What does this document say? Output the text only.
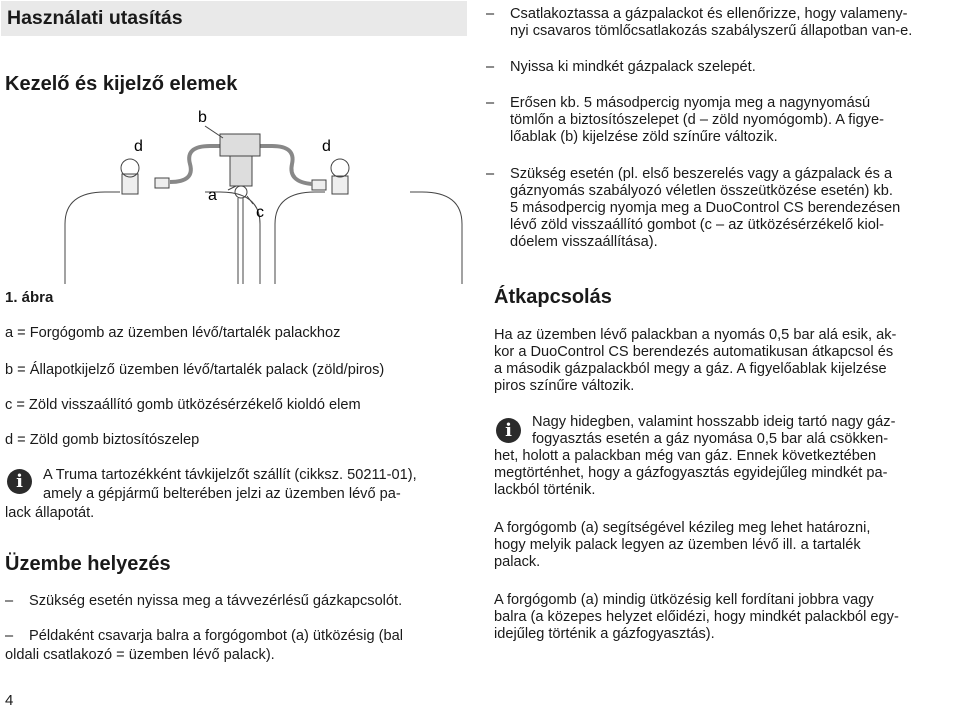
Használati utasítás
Kezelő és kijelző elemek
b
d	d
a
c
1. ábra
a = Forgógomb az üzemben lévő/tartalék palackhoz
b = Állapotkijelző üzemben lévő/tartalék palack (zöld/piros)
c = Zöld visszaállító gomb ütközésérzékelő kioldó elem
d = Zöld gomb biztosítószelep
i	A Truma tartozékként távkijelzőt szállít (cikksz. 50211-01),
amely a gépjármű belterében jelzi az üzemben lévő pa-
lack állapotát.
Üzembe helyezés
– Szükség esetén nyissa meg a távvezérlésű gázkapcsolót.
– Példaként csavarja balra a forgógombot (a) ütközésig (bal
oldali csatlakozó = üzemben lévő palack).
4
– Csatlakoztassa a gázpalackot és ellenőrizze, hogy valameny-
nyi csavaros tömlőcsatlakozás szabályszerű állapotban van-e.
– Nyissa ki mindkét gázpalack szelepét.
– Erősen kb. 5 másodpercig nyomja meg a nagynyomású
tömlőn a biztosítószelepet (d – zöld nyomógomb). A figye-
lőablak (b) kijelzése zöld színűre változik.
– Szükség esetén (pl. első beszerelés vagy a gázpalack és a
gáznyomás szabályozó véletlen összeütközése esetén) kb.
5 másodpercig nyomja meg a DuoControl CS berendezésen
lévő zöld visszaállító gombot (c – az ütközésérzékelő kiol-
dóelem visszaállítása).
Átkapcsolás
Ha az üzemben lévő palackban a nyomás 0,5 bar alá esik, ak-
kor a DuoControl CS berendezés automatikusan átkapcsol és
a második gázpalackból megy a gáz. A figyelőablak kijelzése
piros színűre változik.
i	Nagy hidegben, valamint hosszabb ideig tartó nagy gáz-
fogyasztás esetén a gáz nyomása 0,5 bar alá csökken-
het, holott a palackban még van gáz. Ennek következtében
megtörténhet, hogy a gázfogyasztás egyidejűleg mindkét pa-
lackból történik.
A forgógomb (a) segítségével kézileg meg lehet határozni,
hogy melyik palack legyen az üzemben lévő ill. a tartalék
palack.
A forgógomb (a) mindig ütközésig kell fordítani jobbra vagy
balra (a közepes helyzet előidézi, hogy mindkét palackból egy-
idejűleg történik a gázfogyasztás).
